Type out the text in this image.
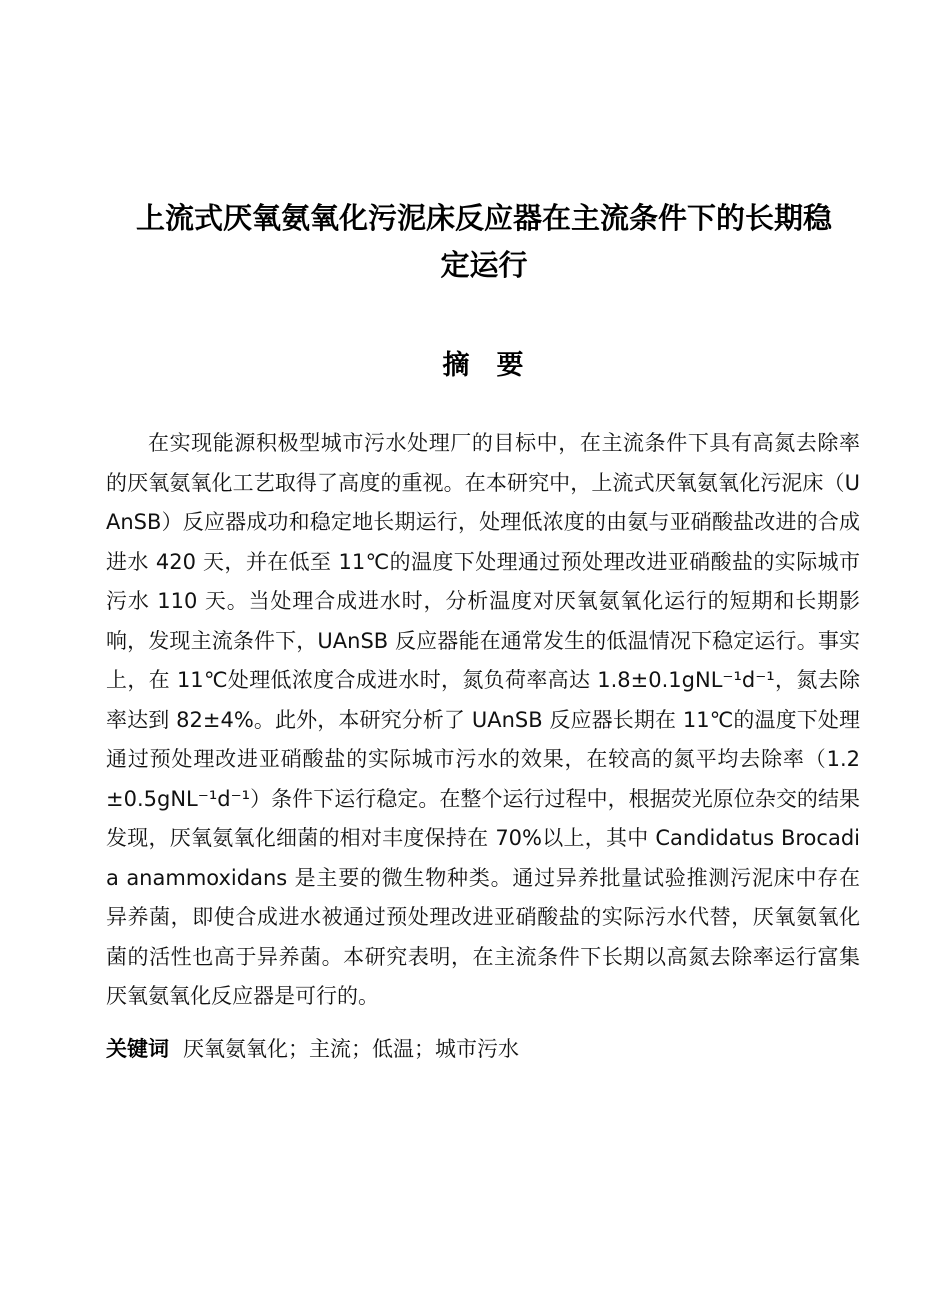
上流式厌氧氨氧化污泥床反应器在主流条件下的长期稳定运行
摘　要

在实现能源积极型城市污水处理厂的目标中，在主流条件下具有高氮去除率的厌氧氨氧化工艺取得了高度的重视。在本研究中，上流式厌氧氨氧化污泥床（UAnSB）反应器成功和稳定地长期运行，处理低浓度的由氨与亚硝酸盐改进的合成进水 420 天，并在低至 11℃的温度下处理通过预处理改进亚硝酸盐的实际城市污水 110 天。当处理合成进水时，分析温度对厌氧氨氧化运行的短期和长期影响，发现主流条件下，UAnSB 反应器能在通常发生的低温情况下稳定运行。事实上，在 11℃处理低浓度合成进水时，氮负荷率高达 1.8±0.1gNL⁻¹d⁻¹，氮去除率达到 82±4%。此外，本研究分析了 UAnSB 反应器长期在 11℃的温度下处理通过预处理改进亚硝酸盐的实际城市污水的效果，在较高的氮平均去除率（1.2±0.5gNL⁻¹d⁻¹）条件下运行稳定。在整个运行过程中，根据荧光原位杂交的结果发现，厌氧氨氧化细菌的相对丰度保持在 70%以上，其中 Candidatus Brocadia anammoxidans 是主要的微生物种类。通过异养批量试验推测污泥床中存在异养菌，即使合成进水被通过预处理改进亚硝酸盐的实际污水代替，厌氧氨氧化菌的活性也高于异养菌。本研究表明，在主流条件下长期以高氮去除率运行富集厌氧氨氧化反应器是可行的。

关键词 厌氧氨氧化；主流；低温；城市污水
